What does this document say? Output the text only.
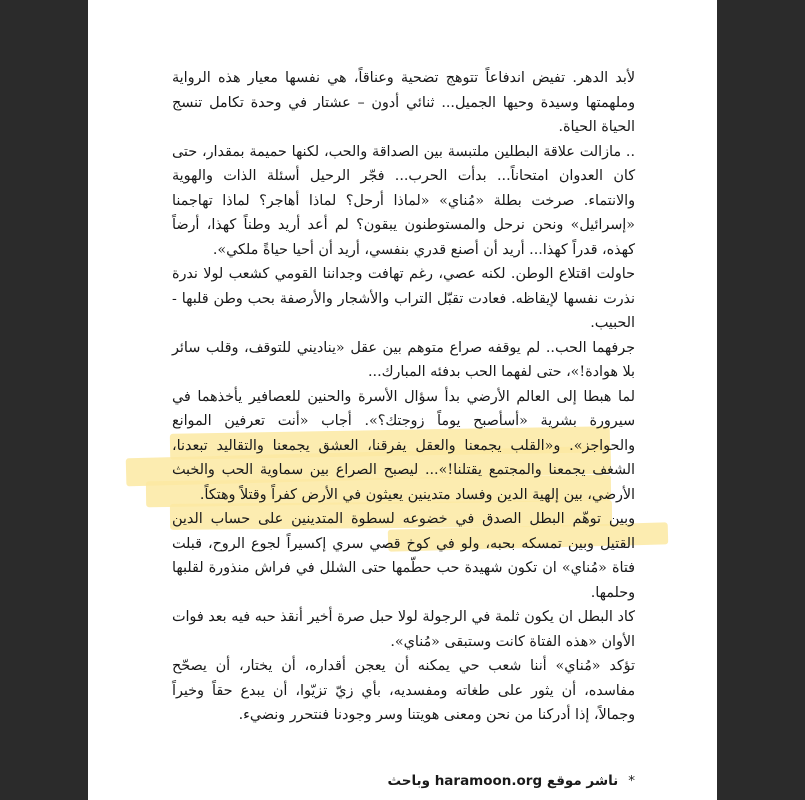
لأبد الدهر. تفيض اندفاعاً تتوهج تضحية وعناقاً، هي نفسها معيار هذه الرواية وملهمتها وسيدة وحيها الجميل... ثنائي أدون – عشتار في وحدة تكامل تنسج الحياة الحياة.

.. مازالت علاقة البطلين ملتبسة بين الصداقة والحب، لكنها حميمة بمقدار، حتى كان العدوان امتحاناً... بدأت الحرب... فجّر الرحيل أسئلة الذات والهوية والانتماء. صرخت بطلة «مُناي» «لماذا أرحل؟ لماذا أهاجر؟ لماذا تهاجمنا «إسرائيل» ونحن نرحل والمستوطنون يبقون؟ لم أعد أريد وطناً كهذا، أرضاً كهذه، قدراً كهذا... أريد أن أصنع قدري بنفسي، أريد أن أحيا حياةً ملكي».

حاولت اقتلاع الوطن. لكنه عصي، رغم تهافت وجداننا القومي كشعب لولا ندرة نذرت نفسها لإيقاظه. فعادت تقبّل التراب والأشجار والأرصفة بحب وطن قلبها - الحبيب.

جرفهما الحب.. لم يوقفه صراع متوهم بين عقل «يناديني للتوقف، وقلب سائر بلا هوادة!»، حتى لفهما الحب بدفئه المبارك...

لما هبطا إلى العالم الأرضي بدأ سؤال الأسرة والحنين للعصافير يأخذهما في سيرورة بشرية «أسأصبح يوماً زوجتك؟». أجاب «أنت تعرفين الموانع والحواجز». و«القلب يجمعنا والعقل يفرقنا، العشق يجمعنا والتقاليد تبعدنا، الشغف يجمعنا والمجتمع يقتلنا!»... ليصبح الصراع بين سماوية الحب والخبث الأرضي، بين إلهية الدين وفساد متدينين يعيثون في الأرض كفراً وقتلاً وهتكاً.

وبين توهّم البطل الصدق في خضوعه لسطوة المتدينين على حساب الدين القتيل وبين تمسكه بحبه، ولو في كوخ قصي سري إكسيراً لجوع الروح، قبلت فتاة «مُناي» ان تكون شهيدة حب حطّمها حتى الشلل في فراش منذورة لقلبها وحلمها.

كاد البطل ان يكون ثلمة في الرجولة لولا حبل صرة أخير أنقذ حبه فيه بعد فوات الأوان «هذه الفتاة كانت وستبقى «مُناي».

تؤكد «مُناي» أننا شعب حي يمكنه أن يعجن أقداره، أن يختار، أن يصحّح مفاسده، أن يثور على طغاته ومفسديه، بأي زيّ تزيّوا، أن يبدع حقاً وخيراً وجمالاً، إذا أدركنا من نحن ومعنى هويتنا وسر وجودنا فنتحرر ونضيء.

*ناشر موقع haramoon.org وباحث
